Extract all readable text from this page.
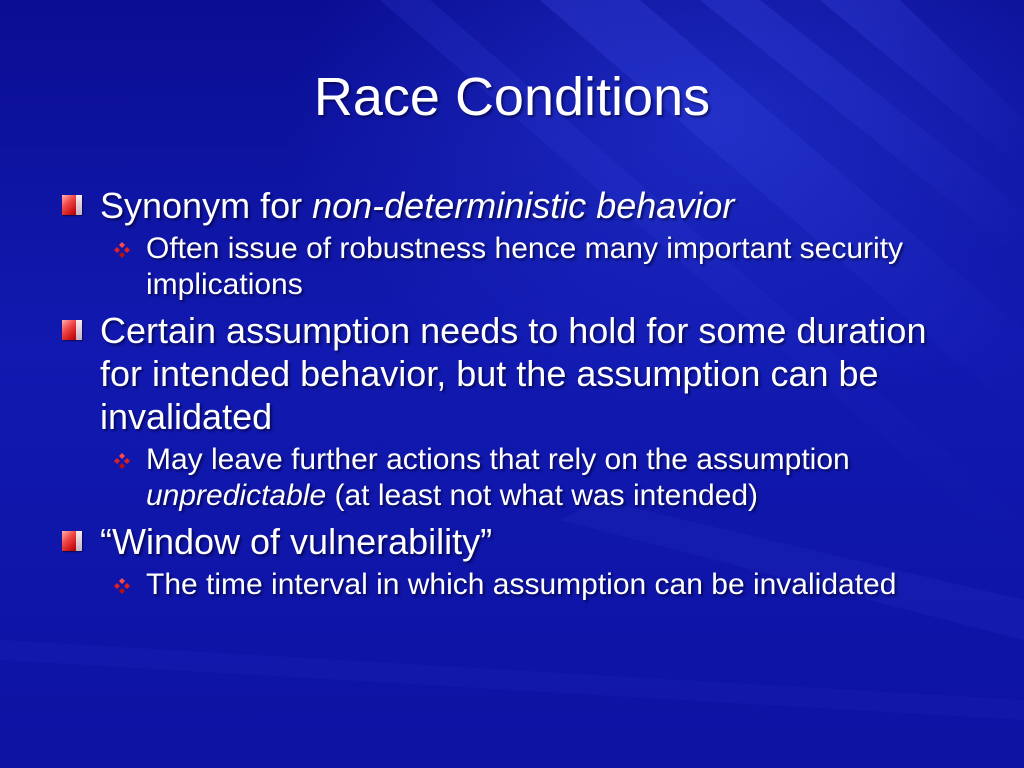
Race Conditions
Synonym for non-deterministic behavior
Often issue of robustness hence many important security implications
Certain assumption needs to hold for some duration for intended behavior, but the assumption can be invalidated
May leave further actions that rely on the assumption unpredictable (at least not what was intended)
“Window of vulnerability”
The time interval in which assumption can be invalidated
